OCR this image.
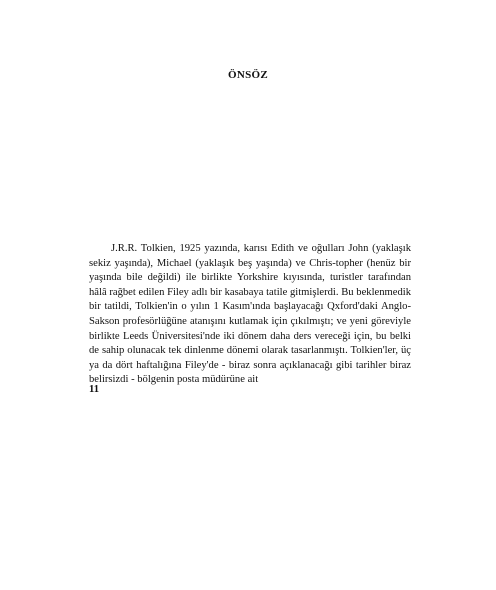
ÖNSÖZ

J.R.R. Tolkien, 1925 yazında, karısı Edith ve oğulları John (yaklaşık sekiz yaşında), Michael (yaklaşık beş yaşında) ve Chris-topher (henüz bir yaşında bile değildi) ile birlikte Yorkshire kıyısında, turistler tarafından hâlâ rağbet edilen Filey adlı bir kasabaya tatile gitmişlerdi. Bu beklenmedik bir tatildi, Tolkien'in o yılın 1 Kasım'ında başlayacağı Qxford'daki Anglo-Sakson profesörlüğüne atanışını kutlamak için çıkılmıştı; ve yeni göreviyle birlikte Leeds Üniversitesi'nde iki dönem daha ders vereceği için, bu belki de sahip olunacak tek dinlenme dönemi olarak tasarlanmıştı. Tolkien'ler, üç ya da dört haftalığına Filey'de - biraz sonra açıklanacağı gibi tarihler biraz belirsizdi - bölgenin posta müdürüne ait

11
